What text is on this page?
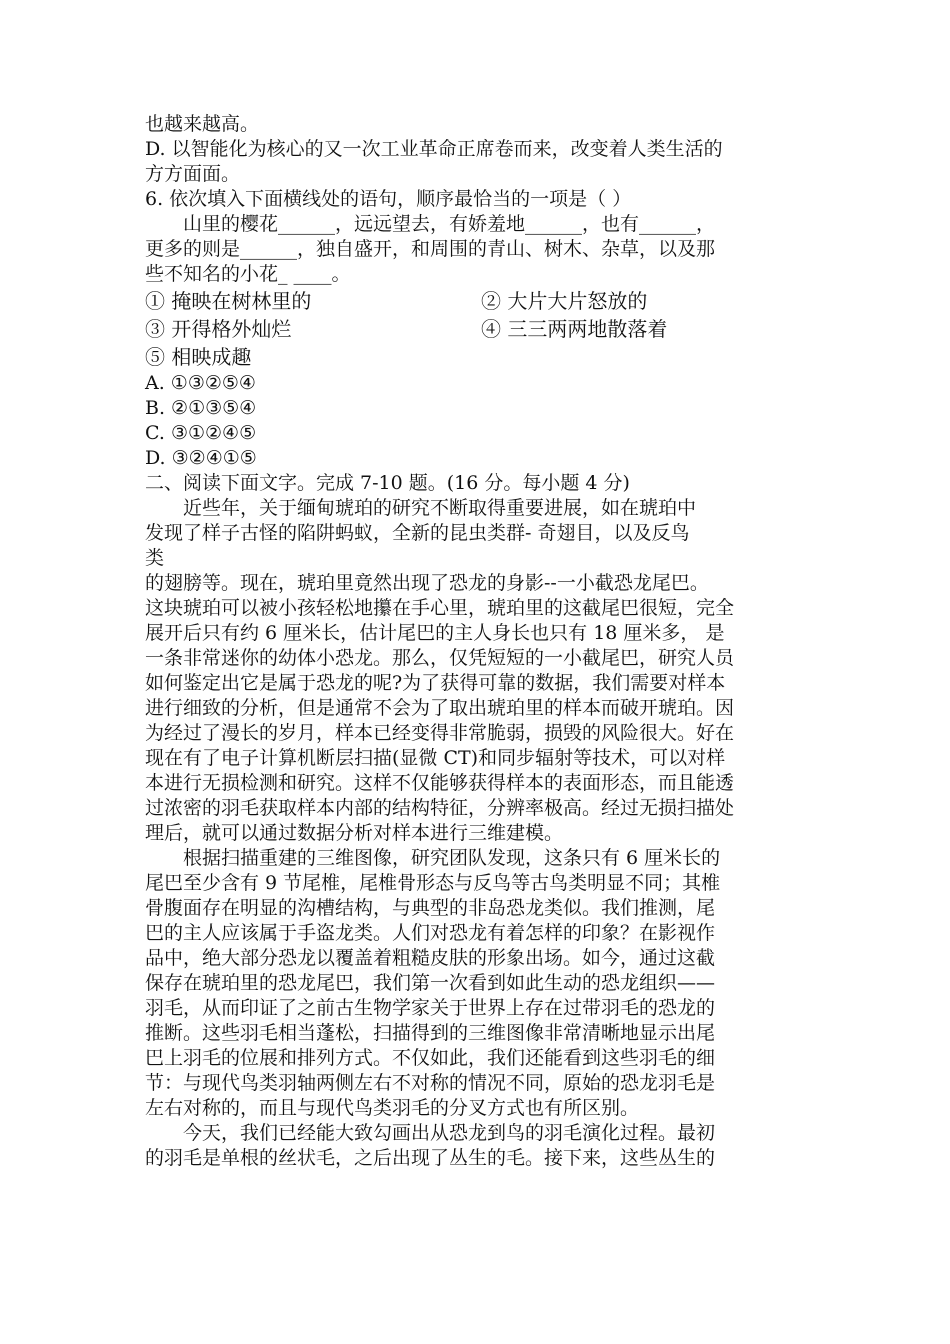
也越来越高。
D. 以智能化为核心的又一次工业革命正席卷而来，改变着人类生活的
方方面面。
6. 依次填入下面横线处的语句，顺序最恰当的一项是（ ）
山里的樱花______，远远望去，有娇羞地______，也有______，
更多的则是______，独自盛开，和周围的青山、树木、杂草，以及那
些不知名的小花_ ____。
① 掩映在树林里的	② 大片大片怒放的
③ 开得格外灿烂	④ 三三两两地散落着
⑤ 相映成趣
A. ①③②⑤④
B. ②①③⑤④
C. ③①②④⑤
D. ③②④①⑤
二、阅读下面文字。完成 7-10 题。(16 分。每小题 4 分)
近些年，关于缅甸琥珀的研究不断取得重要进展，如在琥珀中
发现了样子古怪的陷阱蚂蚁，全新的昆虫类群- 奇翅目，以及反鸟
类
的翅膀等。现在，琥珀里竟然出现了恐龙的身影--一小截恐龙尾巴。
这块琥珀可以被小孩轻松地攥在手心里，琥珀里的这截尾巴很短，完全
展开后只有约 6 厘米长，估计尾巴的主人身长也只有 18 厘米多， 是
一条非常迷你的幼体小恐龙。那么，仅凭短短的一小截尾巴，研究人员
如何鉴定出它是属于恐龙的呢?为了获得可靠的数据，我们需要对样本
进行细致的分析，但是通常不会为了取出琥珀里的样本而破开琥珀。因
为经过了漫长的岁月，样本已经变得非常脆弱，损毁的风险很大。好在
现在有了电子计算机断层扫描(显微 CT)和同步辐射等技术，可以对样
本进行无损检测和研究。这样不仅能够获得样本的表面形态，而且能透
过浓密的羽毛获取样本内部的结构特征，分辨率极高。经过无损扫描处
理后，就可以通过数据分析对样本进行三维建模。
根据扫描重建的三维图像，研究团队发现，这条只有 6 厘米长的
尾巴至少含有 9 节尾椎，尾椎骨形态与反鸟等古鸟类明显不同；其椎
骨腹面存在明显的沟槽结构，与典型的非岛恐龙类似。我们推测，尾
巴的主人应该属于手盗龙类。人们对恐龙有着怎样的印象？在影视作
品中，绝大部分恐龙以覆盖着粗糙皮肤的形象出场。如今，通过这截
保存在琥珀里的恐龙尾巴，我们第一次看到如此生动的恐龙组织——
羽毛，从而印证了之前古生物学家关于世界上存在过带羽毛的恐龙的
推断。这些羽毛相当蓬松，扫描得到的三维图像非常清晰地显示出尾
巴上羽毛的位展和排列方式。不仅如此，我们还能看到这些羽毛的细
节：与现代鸟类羽轴两侧左右不对称的情况不同，原始的恐龙羽毛是
左右对称的，而且与现代鸟类羽毛的分叉方式也有所区别。
今天，我们已经能大致勾画出从恐龙到鸟的羽毛演化过程。最初
的羽毛是单根的丝状毛，之后出现了丛生的毛。接下来，这些丛生的
